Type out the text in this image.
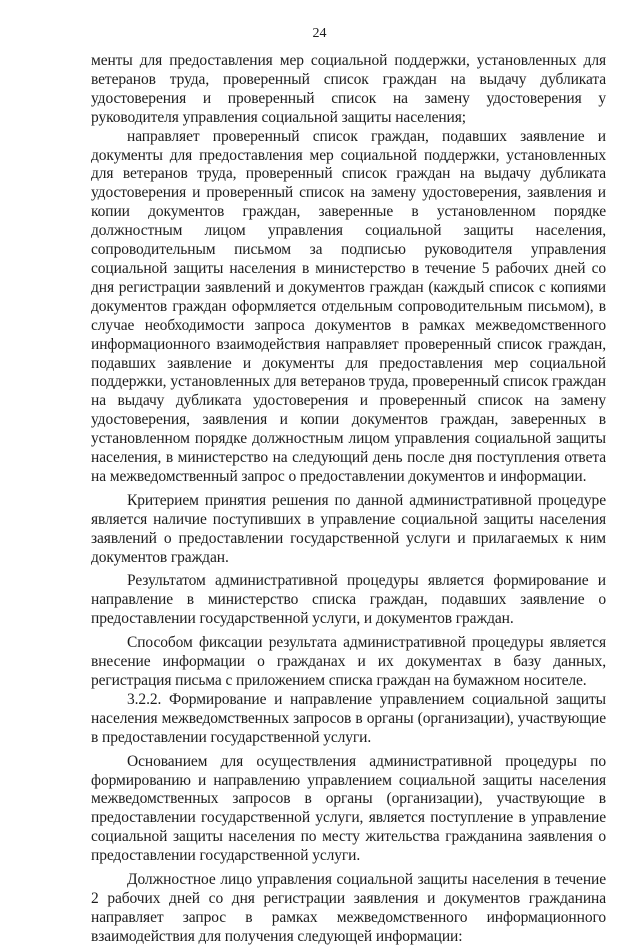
24

менты для предоставления мер социальной поддержки, установленных для ветеранов труда, проверенный список граждан на выдачу дубликата удостоверения и проверенный список на замену удостоверения у руководителя управления социальной защиты населения;

направляет проверенный список граждан, подавших заявление и документы для предоставления мер социальной поддержки, установленных для ветеранов труда, проверенный список граждан на выдачу дубликата удостоверения и проверенный список на замену удостоверения, заявления и копии документов граждан, заверенные в установленном порядке должностным лицом управления социальной защиты населения, сопроводительным письмом за подписью руководителя управления социальной защиты населения в министерство в течение 5 рабочих дней со дня регистрации заявлений и документов граждан (каждый список с копиями документов граждан оформляется отдельным сопроводительным письмом), в случае необходимости запроса документов в рамках межведомственного информационного взаимодействия направляет проверенный список граждан, подавших заявление и документы для предоставления мер социальной поддержки, установленных для ветеранов труда, проверенный список граждан на выдачу дубликата удостоверения и проверенный список на замену удостоверения, заявления и копии документов граждан, заверенных в установленном порядке должностным лицом управления социальной защиты населения, в министерство на следующий день после дня поступления ответа на межведомственный запрос о предоставлении документов и информации.

Критерием принятия решения по данной административной процедуре является наличие поступивших в управление социальной защиты населения заявлений о предоставлении государственной услуги и прилагаемых к ним документов граждан.

Результатом административной процедуры является формирование и направление в министерство списка граждан, подавших заявление о предоставлении государственной услуги, и документов граждан.

Способом фиксации результата административной процедуры является внесение информации о гражданах и их документах в базу данных, регистрация письма с приложением списка граждан на бумажном носителе.

3.2.2. Формирование и направление управлением социальной защиты населения межведомственных запросов в органы (организации), участвующие в предоставлении государственной услуги.

Основанием для осуществления административной процедуры по формированию и направлению управлением социальной защиты населения межведомственных запросов в органы (организации), участвующие в предоставлении государственной услуги, является поступление в управление социальной защиты населения по месту жительства гражданина заявления о предоставлении государственной услуги.

Должностное лицо управления социальной защиты населения в течение 2 рабочих дней со дня регистрации заявления и документов гражданина направляет запрос в рамках межведомственного информационного взаимодействия для получения следующей информации:
